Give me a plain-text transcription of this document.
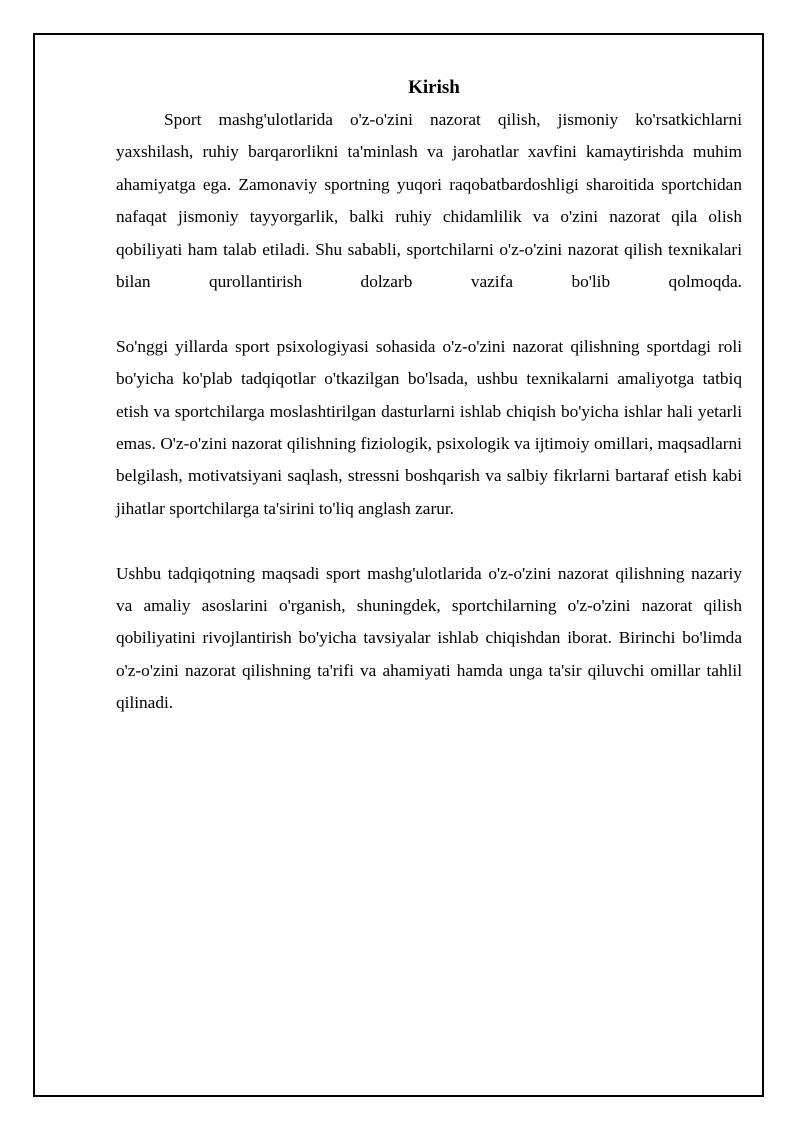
Kirish

Sport mashg'ulotlarida o'z-o'zini nazorat qilish, jismoniy ko'rsatkichlarni yaxshilash, ruhiy barqarorlikni ta'minlash va jarohatlar xavfini kamaytirishda muhim ahamiyatga ega. Zamonaviy sportning yuqori raqobatbardoshligi sharoitida sportchidan nafaqat jismoniy tayyorgarlik, balki ruhiy chidamlilik va o'zini nazorat qila olish qobiliyati ham talab etiladi. Shu sababli, sportchilarni o'z-o'zini nazorat qilish texnikalari bilan qurollantirish dolzarb vazifa bo'lib qolmoqda.

So'nggi yillarda sport psixologiyasi sohasida o'z-o'zini nazorat qilishning sportdagi roli bo'yicha ko'plab tadqiqotlar o'tkazilgan bo'lsada, ushbu texnikalarni amaliyotga tatbiq etish va sportchilarga moslashtirilgan dasturlarni ishlab chiqish bo'yicha ishlar hali yetarli emas. O'z-o'zini nazorat qilishning fiziologik, psixologik va ijtimoiy omillari, maqsadlarni belgilash, motivatsiyani saqlash, stressni boshqarish va salbiy fikrlarni bartaraf etish kabi jihatlar sportchilarga ta'sirini to'liq anglash zarur.

Ushbu tadqiqotning maqsadi sport mashg'ulotlarida o'z-o'zini nazorat qilishning nazariy va amaliy asoslarini o'rganish, shuningdek, sportchilarning o'z-o'zini nazorat qilish qobiliyatini rivojlantirish bo'yicha tavsiyalar ishlab chiqishdan iborat. Birinchi bo'limda o'z-o'zini nazorat qilishning ta'rifi va ahamiyati hamda unga ta'sir qiluvchi omillar tahlil qilinadi.
